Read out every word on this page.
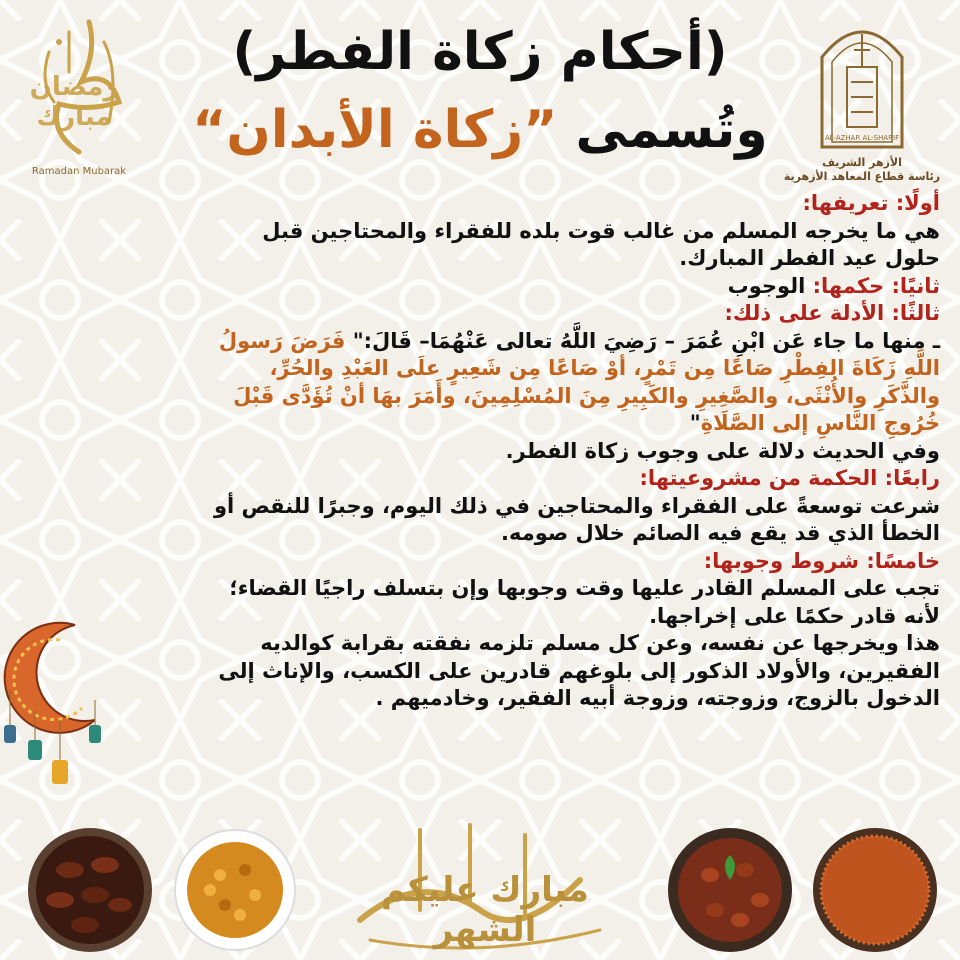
AL-AZHAR AL-SHARIF
الأزهر الشريف
رئاسة قطاع المعاهد الأزهرية
رمضان مبارك
Ramadan Mubarak
(أحكام زكاة الفطر)
وتُسمى ”زكاة الأبدان“

أولًا: تعريفها:

هي ما يخرجه المسلم من غالب قوت بلده للفقراء والمحتاجين قبل حلول عيد الفطر المبارك.

ثانيًا: حكمها: الوجوب

ثالثًا: الأدلة على ذلك:

ـ منها ما جاء عَن ابْنِ عُمَرَ – رَضِيَ اللَّهُ تعالى عَنْهُمَا– قَالَ:" فَرَضَ رَسولُ اللَّهِ زَكَاةَ الفِطْرِ صَاعًا مِن تَمْرٍ، أوْ صَاعًا مِن شَعِيرٍ علَى العَبْدِ والحُرِّ، والذَّكَرِ والأُنْثَى، والصَّغِيرِ والكَبِيرِ مِنَ المُسْلِمِينَ، وأَمَرَ بهَا أنْ تُؤَدَّى قَبْلَ خُرُوجِ النَّاسِ إلى الصَّلَاةِ"

وفي الحديث دلالة على وجوب زكاة الفطر.

رابعًا: الحكمة من مشروعيتها:

شرعت توسعةً على الفقراء والمحتاجين في ذلك اليوم، وجبرًا للنقص أو الخطأ الذي قد يقع فيه الصائم خلال صومه.

خامسًا: شروط وجوبها:

تجب على المسلم القادر عليها وقت وجوبها وإن بتسلف راجيًا القضاء؛ لأنه قادر حكمًا على إخراجها.

هذا ويخرجها عن نفسه، وعن كل مسلم تلزمه نفقته بقرابة كوالديه الفقيرين، والأولاد الذكور إلى بلوغهم قادرين على الكسب، والإناث إلى الدخول بالزوج، وزوجته، وزوجة أبيه الفقير، وخادميهم .

مبارك عليكم الشهر
